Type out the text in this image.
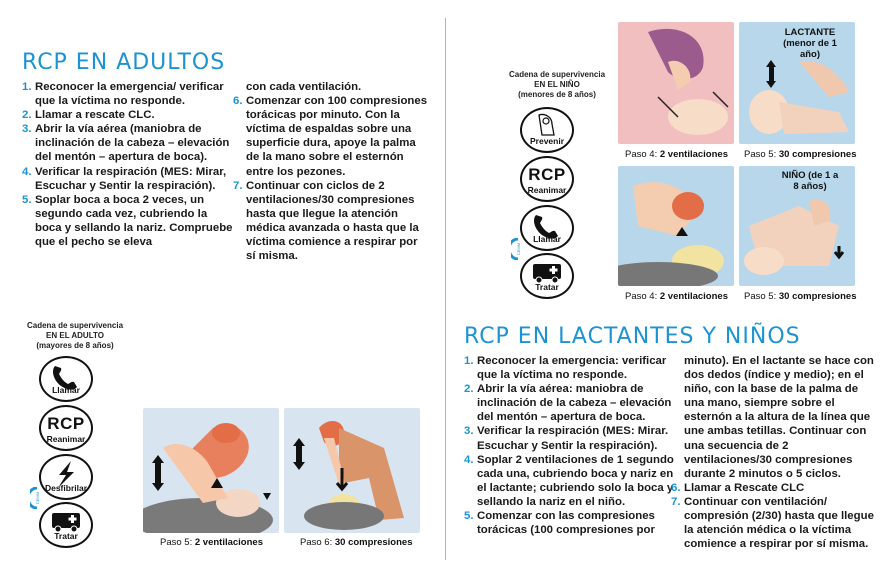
RCP EN ADULTOS
1. Reconocer la emergencia/ verificar que la víctima no responde.
2. Llamar a rescate CLC.
3. Abrir la vía aérea (maniobra de inclinación de la cabeza – elevación del mentón – apertura de boca).
4. Verificar la respiración (MES: Mirar, Escuchar y Sentir la respiración).
5. Soplar boca a boca 2 veces, un segundo cada vez, cubriendo la boca y sellando la nariz. Compruebe que el pecho se eleva
con cada ventilación.
6. Comenzar con 100 compresiones torácicas por minuto. Con la víctima de espaldas sobre una superficie dura, apoye la palma de la mano sobre el esternón entre los pezones.
7. Continuar con ciclos de 2 ventilaciones/30 compresiones hasta que llegue la atención médica avanzada o hasta que la víctima comience a respirar por sí misma.
Cadena de supervivencia
EN EL ADULTO
(mayores de 8 años)
Llamar
RCP
Reanimar
Desfibrilar
Tratar
CEMM
Paso 5: 2 ventilaciones	Paso 6: 30 compresiones
Cadena de supervivencia
EN EL NIÑO
(menores de 8 años)
Prevenir
RCP
Reanimar
Llamar
Tratar
CEMM
LACTANTE (menor de 1 año)
Paso 4: 2 ventilaciones Paso 5: 30 compresiones
NIÑO (de 1 a 8 años)
Paso 4: 2 ventilaciones Paso 5: 30 compresiones
RCP EN LACTANTES Y NIÑOS
1. Reconocer la emergencia: verificar que la víctima no responde.
2. Abrir la vía aérea: maniobra de inclinación de la cabeza – elevación del mentón – apertura de boca.
3. Verificar la respiración (MES: Mirar. Escuchar y Sentir la respiración).
4. Soplar 2 ventilaciones de 1 segundo cada una, cubriendo boca y nariz en el lactante; cubriendo solo la boca y sellando la nariz en el niño.
5. Comenzar con las compresiones torácicas (100 compresiones por
minuto). En el lactante se hace con dos dedos (índice y medio); en el niño, con la base de la palma de una mano, siempre sobre el esternón a la altura de la línea que une ambas tetillas. Continuar con una secuencia de 2 ventilaciones/30 compresiones durante 2 minutos o 5 ciclos.
6. Llamar a Rescate CLC
7. Continuar con ventilación/ compresión (2/30) hasta que llegue la atención médica o la víctima comience a respirar por sí misma.
